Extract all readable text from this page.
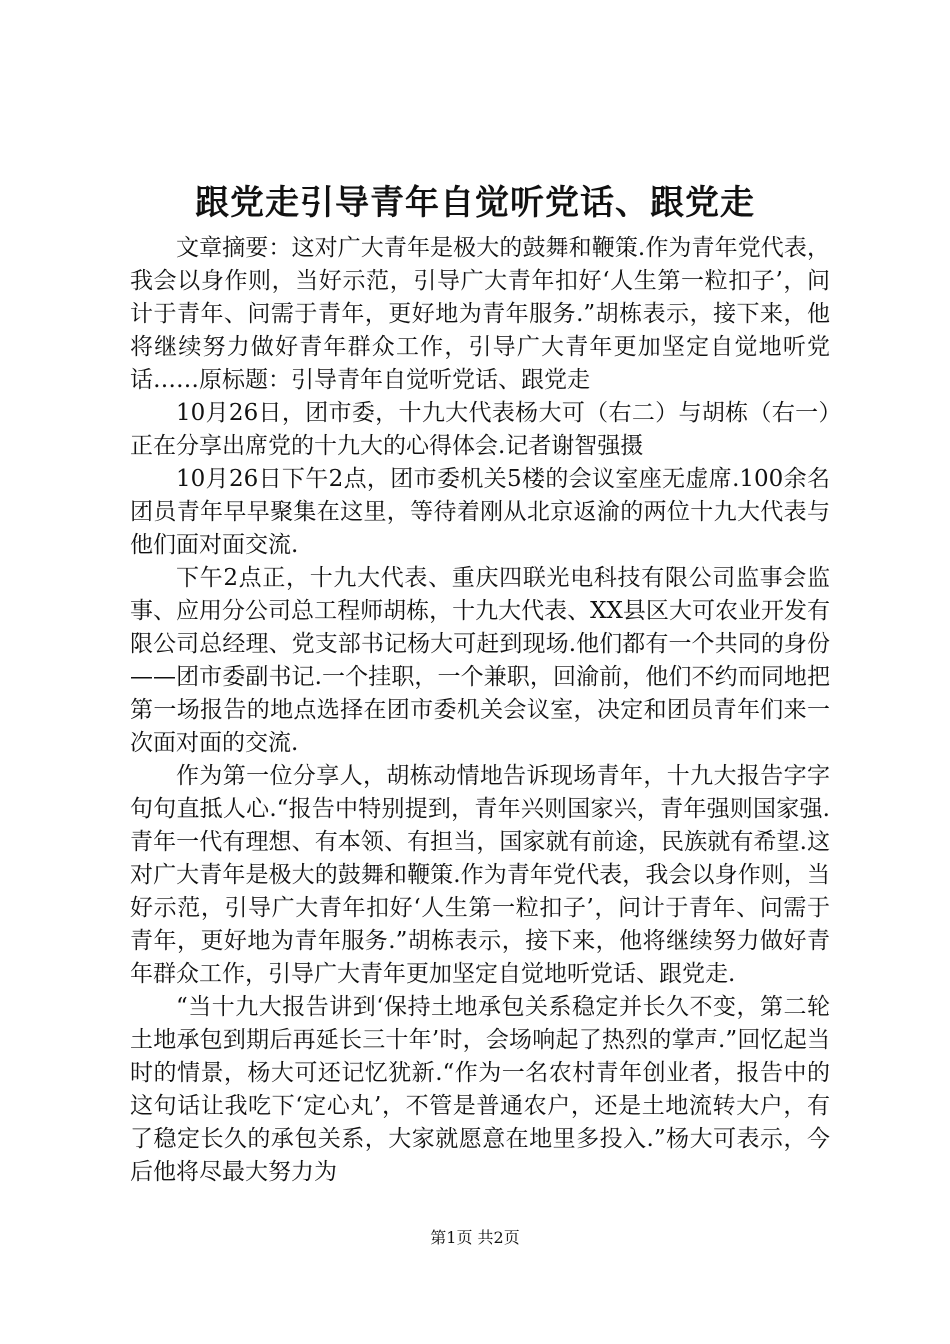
跟党走引导青年自觉听党话、跟党走

文章摘要：这对广大青年是极大的鼓舞和鞭策.作为青年党代表，我会以身作则，当好示范，引导广大青年扣好‘人生第一粒扣子’，问计于青年、问需于青年，更好地为青年服务.”胡栋表示，接下来，他将继续努力做好青年群众工作，引导广大青年更加坚定自觉地听党话……原标题：引导青年自觉听党话、跟党走

10月26日，团市委，十九大代表杨大可（右二）与胡栋（右一）正在分享出席党的十九大的心得体会.记者谢智强摄

10月26日下午2点，团市委机关5楼的会议室座无虚席.100余名团员青年早早聚集在这里，等待着刚从北京返渝的两位十九大代表与他们面对面交流.

下午2点正，十九大代表、重庆四联光电科技有限公司监事会监事、应用分公司总工程师胡栋，十九大代表、XX县区大可农业开发有限公司总经理、党支部书记杨大可赶到现场.他们都有一个共同的身份——团市委副书记.一个挂职，一个兼职，回渝前，他们不约而同地把第一场报告的地点选择在团市委机关会议室，决定和团员青年们来一次面对面的交流.

作为第一位分享人，胡栋动情地告诉现场青年，十九大报告字字句句直抵人心.“报告中特别提到，青年兴则国家兴，青年强则国家强.青年一代有理想、有本领、有担当，国家就有前途，民族就有希望.这对广大青年是极大的鼓舞和鞭策.作为青年党代表，我会以身作则，当好示范，引导广大青年扣好‘人生第一粒扣子’，问计于青年、问需于青年，更好地为青年服务.”胡栋表示，接下来，他将继续努力做好青年群众工作，引导广大青年更加坚定自觉地听党话、跟党走.

“当十九大报告讲到‘保持土地承包关系稳定并长久不变，第二轮土地承包到期后再延长三十年’时，会场响起了热烈的掌声.”回忆起当时的情景，杨大可还记忆犹新.“作为一名农村青年创业者，报告中的这句话让我吃下‘定心丸’，不管是普通农户，还是土地流转大户，有了稳定长久的承包关系，大家就愿意在地里多投入.”杨大可表示，今后他将尽最大努力为

第1页 共2页
